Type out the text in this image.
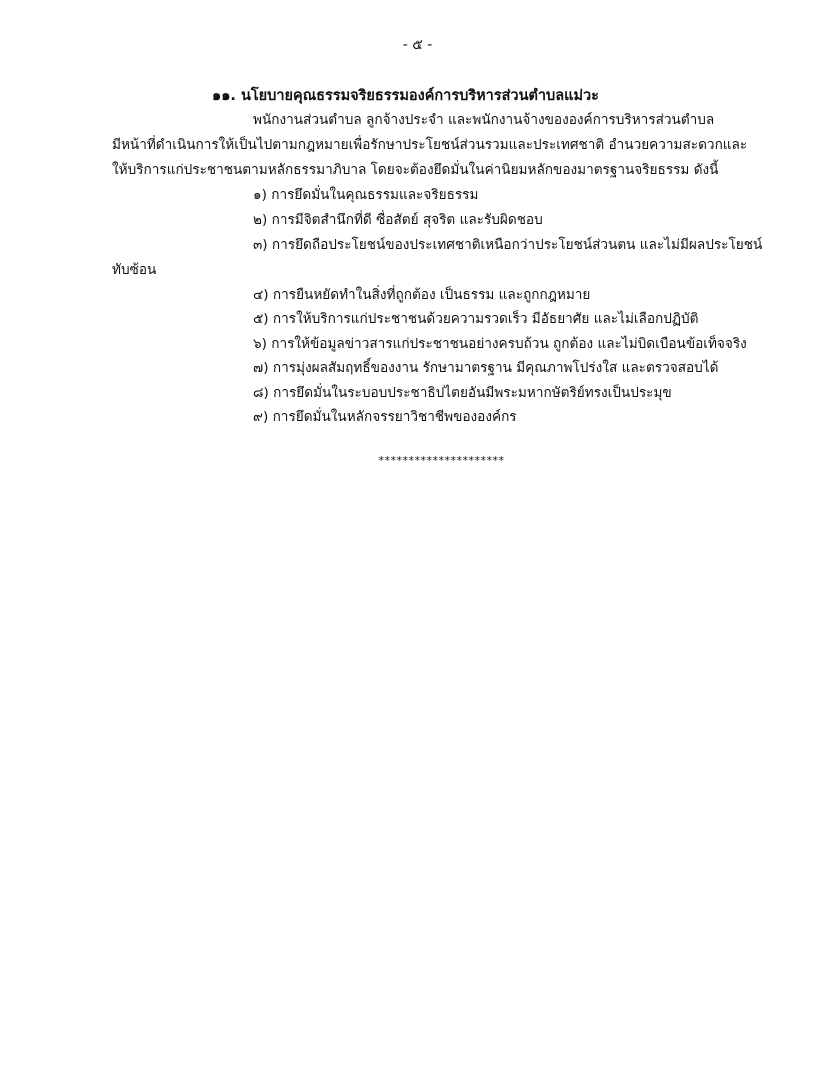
- ๕ -
๑๑. นโยบายคุณธรรมจริยธรรมองค์การบริหารส่วนตำบลแม่วะ
พนักงานส่วนตำบล ลูกจ้างประจำ และพนักงานจ้างขององค์การบริหารส่วนตำบล
มีหน้าที่ดำเนินการให้เป็นไปตามกฎหมายเพื่อรักษาประโยชน์ส่วนรวมและประเทศชาติ อำนวยความสะดวกและ
ให้บริการแก่ประชาชนตามหลักธรรมาภิบาล โดยจะต้องยึดมั่นในค่านิยมหลักของมาตรฐานจริยธรรม ดังนี้
๑) การยึดมั่นในคุณธรรมและจริยธรรม
๒) การมีจิตสำนึกที่ดี ซื่อสัตย์ สุจริต และรับผิดชอบ
๓) การยึดถือประโยชน์ของประเทศชาติเหนือกว่าประโยชน์ส่วนตน และไม่มีผลประโยชน์
ทับซ้อน
๔) การยืนหยัดทำในสิ่งที่ถูกต้อง เป็นธรรม และถูกกฎหมาย
๕) การให้บริการแก่ประชาชนด้วยความรวดเร็ว มีอัธยาศัย และไม่เลือกปฏิบัติ
๖) การให้ข้อมูลข่าวสารแก่ประชาชนอย่างครบถ้วน ถูกต้อง และไม่บิดเบือนข้อเท็จจริง
๗) การมุ่งผลสัมฤทธิ์ของงาน รักษามาตรฐาน มีคุณภาพโปร่งใส และตรวจสอบได้
๘) การยึดมั่นในระบอบประชาธิปไตยอันมีพระมหากษัตริย์ทรงเป็นประมุข
๙) การยึดมั่นในหลักจรรยาวิชาชีพขององค์กร
*********************
